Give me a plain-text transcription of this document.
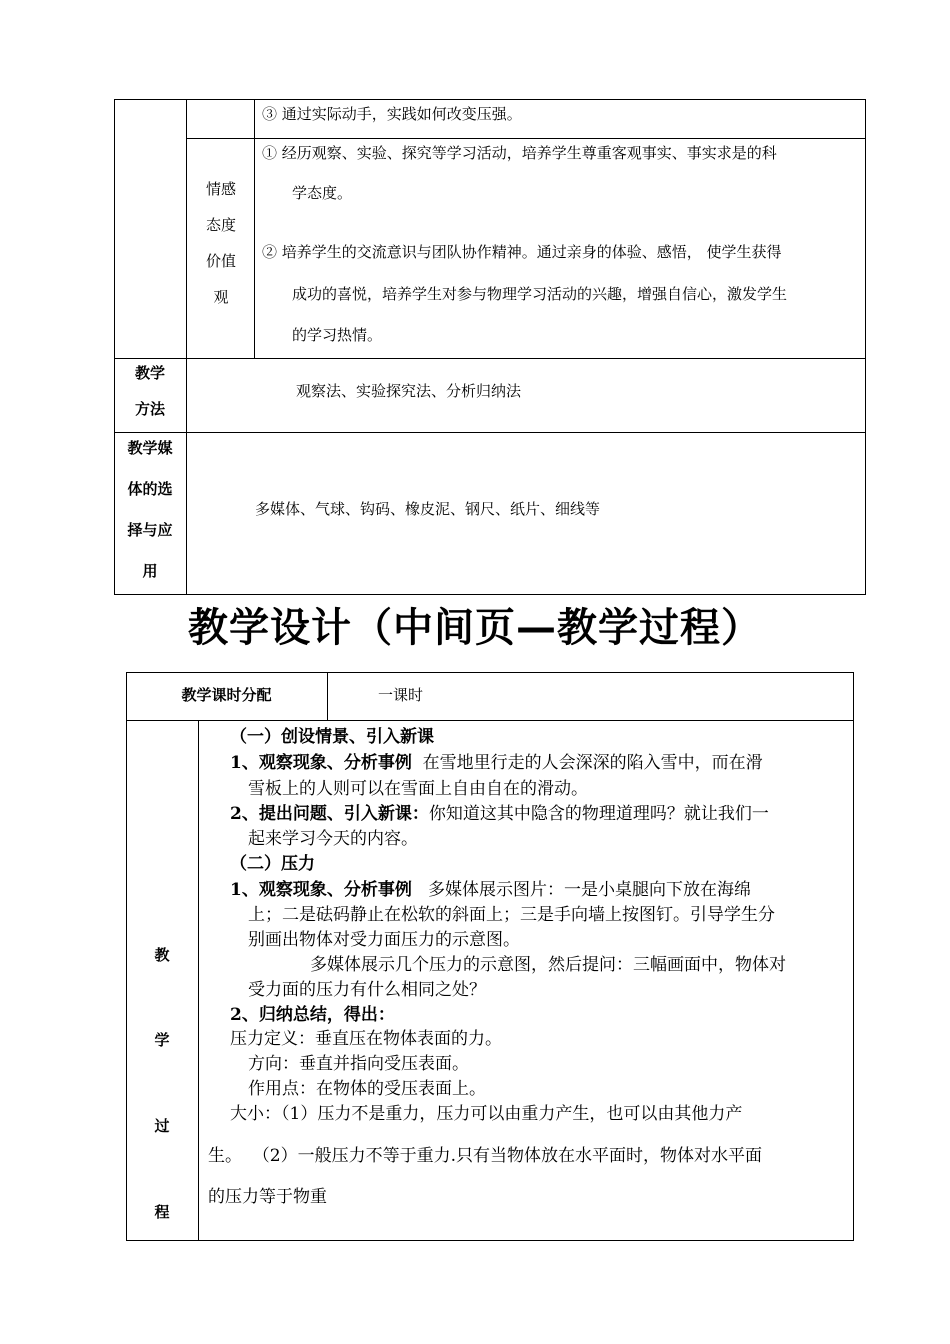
③ 通过实际动手，实践如何改变压强。
情感
态度
价值
观
① 经历观察、实验、探究等学习活动，培养学生尊重客观事实、事实求是的科
学态度。
② 培养学生的交流意识与团队协作精神。通过亲身的体验、感悟， 使学生获得
成功的喜悦，培养学生对参与物理学习活动的兴趣，增强自信心，激发学生
的学习热情。
教学
方法
观察法、实验探究法、分析归纳法
教学媒
体的选
择与应
用
多媒体、气球、钩码、橡皮泥、钢尺、纸片、细线等
教学设计（中间页—教学过程）
教学课时分配	一课时
教
学
过
程
（一）创设情景、引入新课
1、观察现象、分析事例  在雪地里行走的人会深深的陷入雪中，而在滑
雪板上的人则可以在雪面上自由自在的滑动。
2、提出问题、引入新课：你知道这其中隐含的物理道理吗？就让我们一
起来学习今天的内容。
（二）压力
1、观察现象、分析事例   多媒体展示图片：一是小桌腿向下放在海绵
上；二是砝码静止在松软的斜面上；三是手向墙上按图钉。引导学生分
别画出物体对受力面压力的示意图。
多媒体展示几个压力的示意图，然后提问：三幅画面中，物体对
受力面的压力有什么相同之处？
2、归纳总结，得出：
压力定义：垂直压在物体表面的力。
方向：垂直并指向受压表面。
作用点：在物体的受压表面上。
大小：（1）压力不是重力，压力可以由重力产生，也可以由其他力产
生。  （2）一般压力不等于重力.只有当物体放在水平面时，物体对水平面
的压力等于物重
